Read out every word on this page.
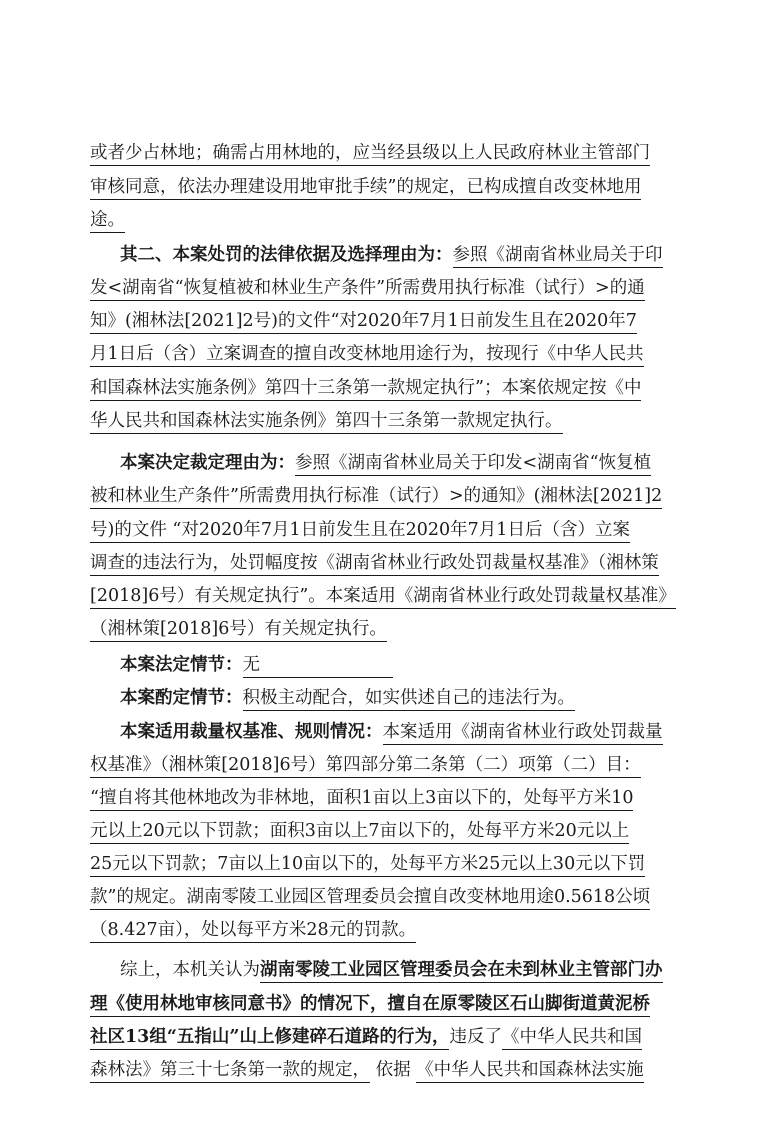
或者少占林地；确需占用林地的，应当经县级以上人民政府林业主管部门
审核同意，依法办理建设用地审批手续”的规定，已构成擅自改变林地用
途。
其二、本案处罚的法律依据及选择理由为：参照《湖南省林业局关于印
发<湖南省“恢复植被和林业生产条件”所需费用执行标准（试行）>的通
知》(湘林法[2021]2号)的文件“对2020年7月1日前发生且在2020年7
月1日后（含）立案调查的擅自改变林地用途行为，按现行《中华人民共
和国森林法实施条例》第四十三条第一款规定执行”；本案依规定按《中
华人民共和国森林法实施条例》第四十三条第一款规定执行。
本案决定裁定理由为：参照《湖南省林业局关于印发<湖南省“恢复植
被和林业生产条件”所需费用执行标准（试行）>的通知》(湘林法[2021]2
号)的文件 “对2020年7月1日前发生且在2020年7月1日后（含）立案
调查的违法行为，处罚幅度按《湖南省林业行政处罚裁量权基准》（湘林策
[2018]6号）有关规定执行”。本案适用《湖南省林业行政处罚裁量权基准》
（湘林策[2018]6号）有关规定执行。
本案法定情节：无
本案酌定情节：积极主动配合，如实供述自己的违法行为。
本案适用裁量权基准、规则情况：本案适用《湖南省林业行政处罚裁量
权基准》（湘林策[2018]6号）第四部分第二条第（二）项第（二）目：
“擅自将其他林地改为非林地，面积1亩以上3亩以下的，处每平方米10
元以上20元以下罚款；面积3亩以上7亩以下的，处每平方米20元以上
25元以下罚款；7亩以上10亩以下的，处每平方米25元以上30元以下罚
款”的规定。湖南零陵工业园区管理委员会擅自改变林地用途0.5618公顷
（8.427亩），处以每平方米28元的罚款。
综上，本机关认为湖南零陵工业园区管理委员会在未到林业主管部门办
理《使用林地审核同意书》的情况下，擅自在原零陵区石山脚街道黄泥桥
社区13组“五指山”山上修建碎石道路的行为，违反了《中华人民共和国
森林法》第三十七条第一款的规定， 依据 《中华人民共和国森林法实施
